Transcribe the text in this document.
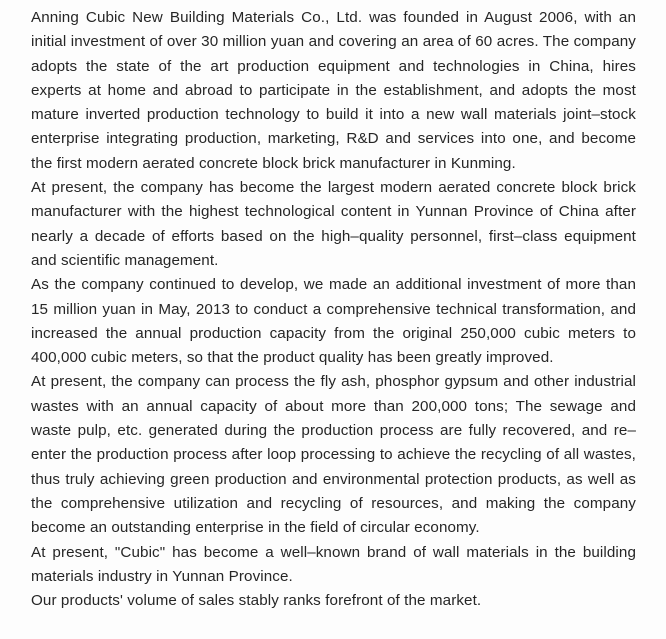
Anning Cubic New Building Materials Co., Ltd. was founded in August 2006, with an initial investment of over 30 million yuan and covering an area of 60 acres. The company adopts the state of the art production equipment and technologies in China, hires experts at home and abroad to participate in the establishment, and adopts the most mature inverted production technology to build it into a new wall materials joint–stock enterprise integrating production, marketing, R&D and services into one, and become the first modern aerated concrete block brick manufacturer in Kunming.

At present, the company has become the largest modern aerated concrete block brick manufacturer with the highest technological content in Yunnan Province of China after nearly a decade of efforts based on the high–quality personnel, first–class equipment and scientific management.

As the company continued to develop, we made an additional investment of more than 15 million yuan in May, 2013 to conduct a comprehensive technical transformation, and increased the annual production capacity from the original 250,000 cubic meters to 400,000 cubic meters, so that the product quality has been greatly improved.

At present, the company can process the fly ash, phosphor gypsum and other industrial wastes with an annual capacity of about more than 200,000 tons; The sewage and waste pulp, etc. generated during the production process are fully recovered, and re–enter the production process after loop processing to achieve the recycling of all wastes, thus truly achieving green production and environmental protection products, as well as the comprehensive utilization and recycling of resources, and making the company become an outstanding enterprise in the field of circular economy.

At present, "Cubic" has become a well–known brand of wall materials in the building materials industry in Yunnan Province.

Our products' volume of sales stably ranks forefront of the market.
